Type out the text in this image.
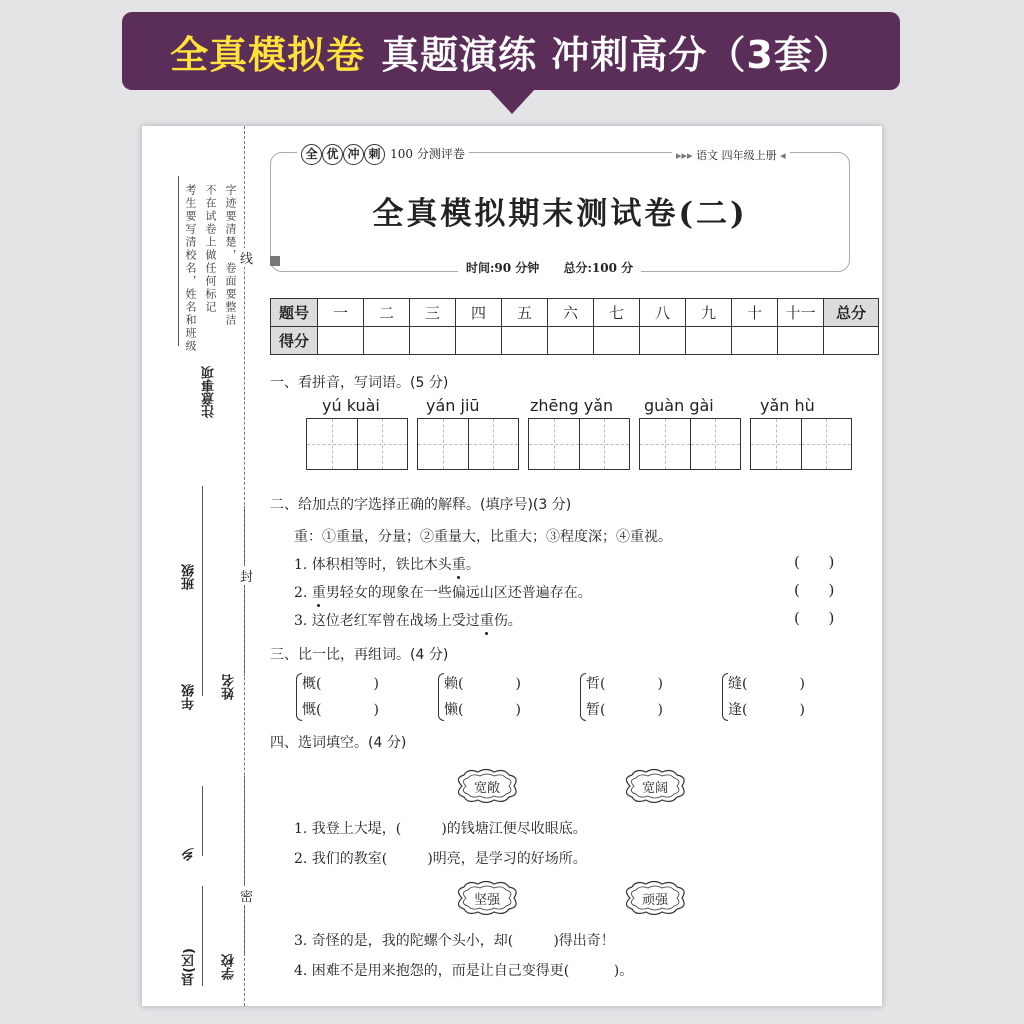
全真模拟卷 真题演练 冲刺高分（3套）
考生要写清校名，姓名和班级 不在试卷上做任何标记 字迹要清楚，卷面要整洁
注意事项
班级
年级 姓名
乡
县(区) 学校
线
封
密
全 优 冲 刺 100 分测评卷	▸▸▸ 语文 四年级上册 ◂
全真模拟期末测试卷(二)
时间:90 分钟 总分:100 分
题号	一	二	三	四	五	六	七	八	九	十	十一	总分
得分												
一、看拼音，写词语。(5 分)
yú kuài	yán jiū	zhēng yǎn guàn gài	yǎn hù
二、给加点的字选择正确的解释。(填序号)(3 分)
重：①重量，分量；②重量大，比重大；③程度深；④重视。
1. 体积相等时，铁比木头重。
2. 重男轻女的现象在一些偏远山区还普遍存在。
3. 这位老红军曾在战场上受过重伤。
(      )
(      )
(      )
三、比一比，再组词。(4 分)
概(	)
慨(	)
赖(	)
懒(	)
哲(	)
暂(	)
缝(	)
逢(	)
四、选词填空。(4 分)
宽敞	宽阔
1. 我登上大堤，(         )的钱塘江便尽收眼底。
2. 我们的教室(         )明亮，是学习的好场所。
坚强	顽强
3. 奇怪的是，我的陀螺个头小，却(         )得出奇！
4. 困难不是用来抱怨的，而是让自己变得更(          )。
